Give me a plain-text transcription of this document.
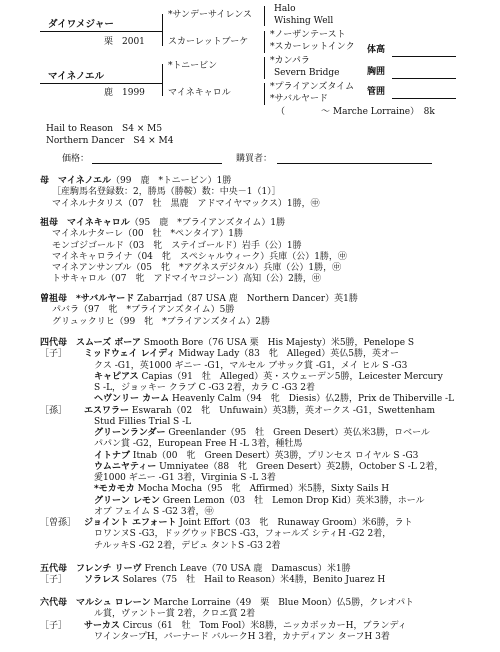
ダイワメジャー
栗　2001
マイネノエル
鹿　1999
*サンデーサイレンス
スカーレットブーケ
*トニービン
マイネキャロル
Halo
Wishing Well
*ノーザンテースト
*スカーレットインク
*カンパラ
Severn Bridge
*プライアンズタイム
*サバルヤード
（　　　　〜 Marche Lorraine）　8k
体高
胸囲
管囲
Hail to Reason　S4 × M5
Northern Dancer　S4 × M4
価格：	購買者：
母　 マイネノエル（99　鹿　*トニービン）1勝
［産駒馬名登録数：2，勝馬（勝鞍）数：中央－1（1）］
マイネルナタリス（07　牡　黒鹿　アドマイヤマックス）1勝，㊥
祖母　 マイネキャロル（95　鹿　*ブライアンズタイム）1勝
マイネルナターレ（00　牡　*ペンタイア）1勝
モンゴジゴールド（03　牝　ステイゴールド）岩手（公）1勝
マイネキャロライナ（04　牝　スペシャルウィーク）兵庫（公）1勝，㊥
マイネアンサンブル（05　牝　*アグネスデジタル）兵庫（公）1勝，㊥
トサキャロル（07　牝　アドマイヤコジーン）高知（公）2勝，㊥
曽祖母　 *サバルヤード Zabarrjad（87 USA 鹿　Northern Dancer）英1勝
パバラ（97　牝　*ブライアンズタイム）5勝
グリュックリヒ（99　牝　*ブライアンズタイム）2勝
四代母　 スムーズ ボーア Smooth Bore（76 USA 栗　His Majesty）米5勝，Penelope S
［子］ ミッドウェイ レイディ Midway Lady（83　牝　Alleged）英仏5勝，英オー
クス -G1，英1000 ギニー -G1，マルセル ブサック賞 -G1，メイ ヒル S -G3
キャピアス Capias（91　牡　Alleged）英・スウェーデン5勝，Leicester Mercury
S -L，ジョッキー クラブ C -G3 2着，カラ C -G3 2着
ヘヴンリー カーム Heavenly Calm（94　牝　Diesis）仏2勝，Prix de Thiberville -L
［孫］ エスワラー Eswarah（02　牝　Unfuwain）英3勝，英オークス -G1，Swettenham
Stud Fillies Trial S -L
グリーンランダー Greenlander（95　牡　Green Desert）英仏米3勝，ロベール
パパン賞 -G2，European Free H -L 3着，種牡馬
イトナブ Itnab（00　牝　Green Desert）英3勝，プリンセス ロイヤル S -G3
ウムニヤティー Umniyatee（88　牝　Green Desert）英2勝，October S -L 2着，
愛1000 ギニー -G1 3着，Virginia S -L 3着
*モカモカ Mocha Mocha（95　牝　Affirmed）米5勝，Sixty Sails H
グリーン レモン Green Lemon（03　牡　Lemon Drop Kid）英米3勝，ホール
オブ フェイム S -G2 3着，㊥
［曽孫］ ジョイント エフォート Joint Effort（03　牝　Runaway Groom）米6勝，ラト
ロワンヌS -G3，ドッグウッドBCS -G3，フォールズ シティH -G2 2着，
チルッキS -G2 2着，デビュ タントS -G3 2着
五代母　 フレンチ リーヴ French Leave（70 USA 鹿　Damascus）米1勝
［子］ ソラレス Solares（75　牡　Hail to Reason）米4勝，Benito Juarez H
六代母　 マルシュ ロレーン Marche Lorraine（49　栗　Blue Moon）仏5勝，クレオパト
ル賞，ヴァントー賞 2着，クロエ賞 2着
［子］ サーカス Circus（61　牡　Tom Fool）米8勝，ニッカボッカーH，ブランディ
ワインタープH，バーナード バルークH 3着，カナディアン ターフH 3着
